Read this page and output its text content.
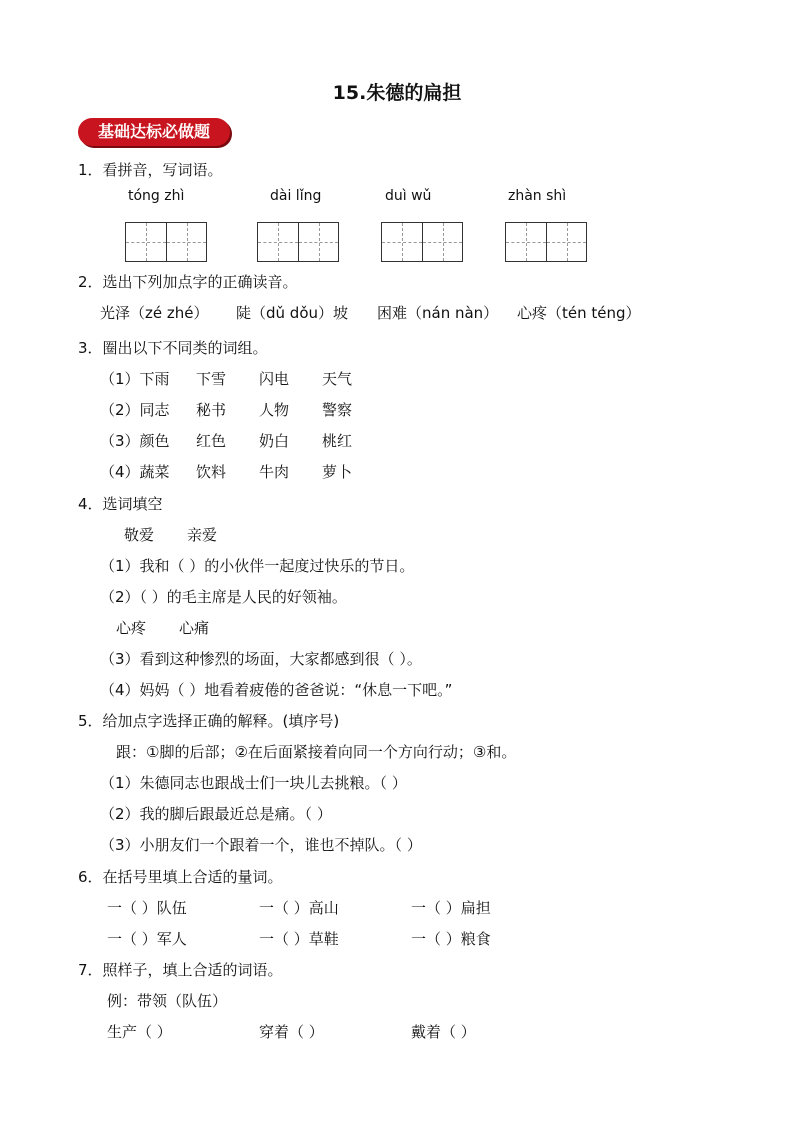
15.朱德的扁担
基础达标必做题
1．看拼音，写词语。
tóng zhì	dài lǐng	duì wǔ	zhàn shì
2．选出下列加点字的正确读音。
光泽（zé zhé） 陡（dǔ dǒu）坡 困难（nán nàn） 心疼（tén téng）
3．圈出以下不同类的词组。
（1）下雨 下雪 闪电 天气
（2）同志 秘书 人物 警察
（3）颜色 红色 奶白 桃红
（4）蔬菜 饮料 牛肉 萝卜
4．选词填空
敬爱 亲爱
（1）我和（ ）的小伙伴一起度过快乐的节日。
（2）（ ）的毛主席是人民的好领袖。
心疼 心痛
（3）看到这种惨烈的场面，大家都感到很（ ）。
（4）妈妈（ ）地看着疲倦的爸爸说：“休息一下吧。”
5．给加点字选择正确的解释。(填序号)
跟：①脚的后部；②在后面紧接着向同一个方向行动；③和。
（1）朱德同志也跟战士们一块儿去挑粮。（ ）
（2）我的脚后跟最近总是痛。（ ）
（3）小朋友们一个跟着一个，谁也不掉队。（ ）
6．在括号里填上合适的量词。
一（ ）队伍	一（ ）高山	一（ ）扁担
一（ ）军人	一（ ）草鞋	一（ ）粮食
7．照样子，填上合适的词语。
例：带领（队伍）
生产（ ）	穿着（ ）	戴着（ ）
